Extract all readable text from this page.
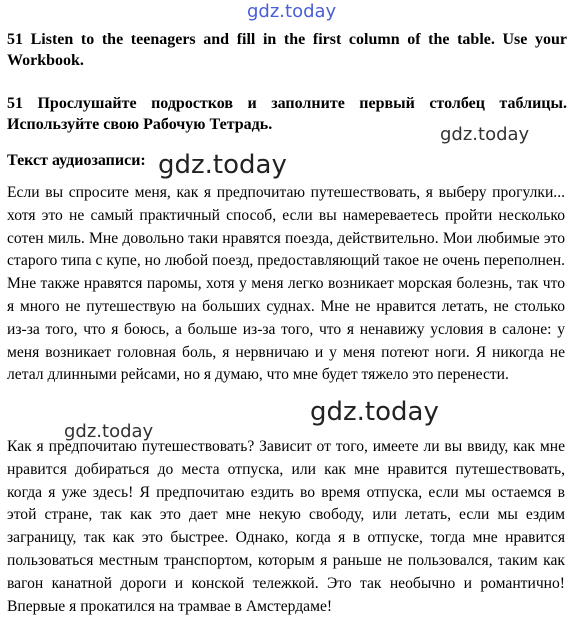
51 Listen to the teenagers and fill in the first column of the table. Use your Workbook.

51 Прослушайте подростков и заполните первый столбец таблицы. Используйте свою Рабочую Тетрадь.

Текст аудиозаписи:

Если вы спросите меня, как я предпочитаю путешествовать, я выберу прогулки... хотя это не самый практичный способ, если вы намереваетесь пройти несколько сотен миль. Мне довольно таки нравятся поезда, действительно. Мои любимые это старого типа с купе, но любой поезд, предоставляющий такое не очень переполнен. Мне также нравятся паромы, хотя у меня легко возникает морская болезнь, так что я много не путешествую на больших суднах. Мне не нравится летать, не столько из-за того, что я боюсь, а больше из-за того, что я ненавижу условия в салоне: у меня возникает головная боль, я нервничаю и у меня потеют ноги. Я никогда не летал длинными рейсами, но я думаю, что мне будет тяжело это перенести.

Как я предпочитаю путешествовать? Зависит от того, имеете ли вы ввиду, как мне нравится добираться до места отпуска, или как мне нравится путешествовать, когда я уже здесь! Я предпочитаю ездить во время отпуска, если мы остаемся в этой стране, так как это дает мне некую свободу, или летать, если мы ездим заграницу, так как это быстрее. Однако, когда я в отпуске, тогда мне нравится пользоваться местным транспортом, которым я раньше не пользовался, таким как вагон канатной дороги и конской тележкой. Это так необычно и романтично! Впервые я прокатился на трамвае в Амстердаме!

gdz.today
gdz.today
gdz.today
gdz.today
gdz.today
